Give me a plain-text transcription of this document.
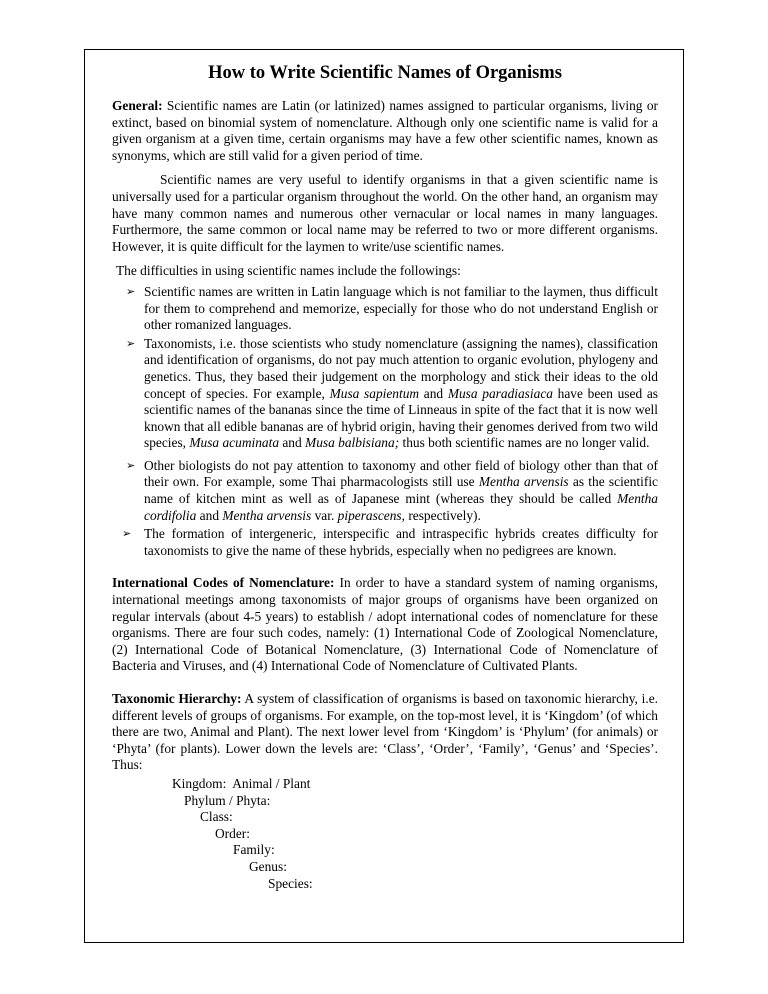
How to Write Scientific Names of Organisms

General: Scientific names are Latin (or latinized) names assigned to particular organisms, living or extinct, based on binomial system of nomenclature. Although only one scientific name is valid for a given organism at a given time, certain organisms may have a few other scientific names, known as synonyms, which are still valid for a given period of time.

Scientific names are very useful to identify organisms in that a given scientific name is universally used for a particular organism throughout the world. On the other hand, an organism may have many common names and numerous other vernacular or local names in many languages. Furthermore, the same common or local name may be referred to two or more different organisms. However, it is quite difficult for the laymen to write/use scientific names.

The difficulties in using scientific names include the followings:

➢ Scientific names are written in Latin language which is not familiar to the laymen, thus difficult for them to comprehend and memorize, especially for those who do not understand English or other romanized languages.
➢ Taxonomists, i.e. those scientists who study nomenclature (assigning the names), classification and identification of organisms, do not pay much attention to organic evolution, phylogeny and genetics. Thus, they based their judgement on the morphology and stick their ideas to the old concept of species. For example, Musa sapientum and Musa paradiasiaca have been used as scientific names of the bananas since the time of Linneaus in spite of the fact that it is now well known that all edible bananas are of hybrid origin, having their genomes derived from two wild species, Musa acuminata and Musa balbisiana; thus both scientific names are no longer valid.
➢ Other biologists do not pay attention to taxonomy and other field of biology other than that of their own. For example, some Thai pharmacologists still use Mentha arvensis as the scientific name of kitchen mint as well as of Japanese mint (whereas they should be called Mentha cordifolia and Mentha arvensis var. piperascens, respectively).
➢ The formation of intergeneric, interspecific and intraspecific hybrids creates difficulty for taxonomists to give the name of these hybrids, especially when no pedigrees are known.

International Codes of Nomenclature: In order to have a standard system of naming organisms, international meetings among taxonomists of major groups of organisms have been organized on regular intervals (about 4-5 years) to establish / adopt international codes of nomenclature for these organisms. There are four such codes, namely: (1) International Code of Zoological Nomenclature, (2) International Code of Botanical Nomenclature, (3) International Code of Nomenclature of Bacteria and Viruses, and (4) International Code of Nomenclature of Cultivated Plants.

Taxonomic Hierarchy: A system of classification of organisms is based on taxonomic hierarchy, i.e. different levels of groups of organisms. For example, on the top-most level, it is ‘Kingdom’ (of which there are two, Animal and Plant). The next lower level from ‘Kingdom’ is ‘Phylum’ (for animals) or ‘Phyta’ (for plants). Lower down the levels are: ‘Class’, ‘Order’, ‘Family’, ‘Genus’ and ‘Species’. Thus:

Kingdom:  Animal / Plant
Phylum / Phyta:
Class:
Order:
Family:
Genus:
Species:
